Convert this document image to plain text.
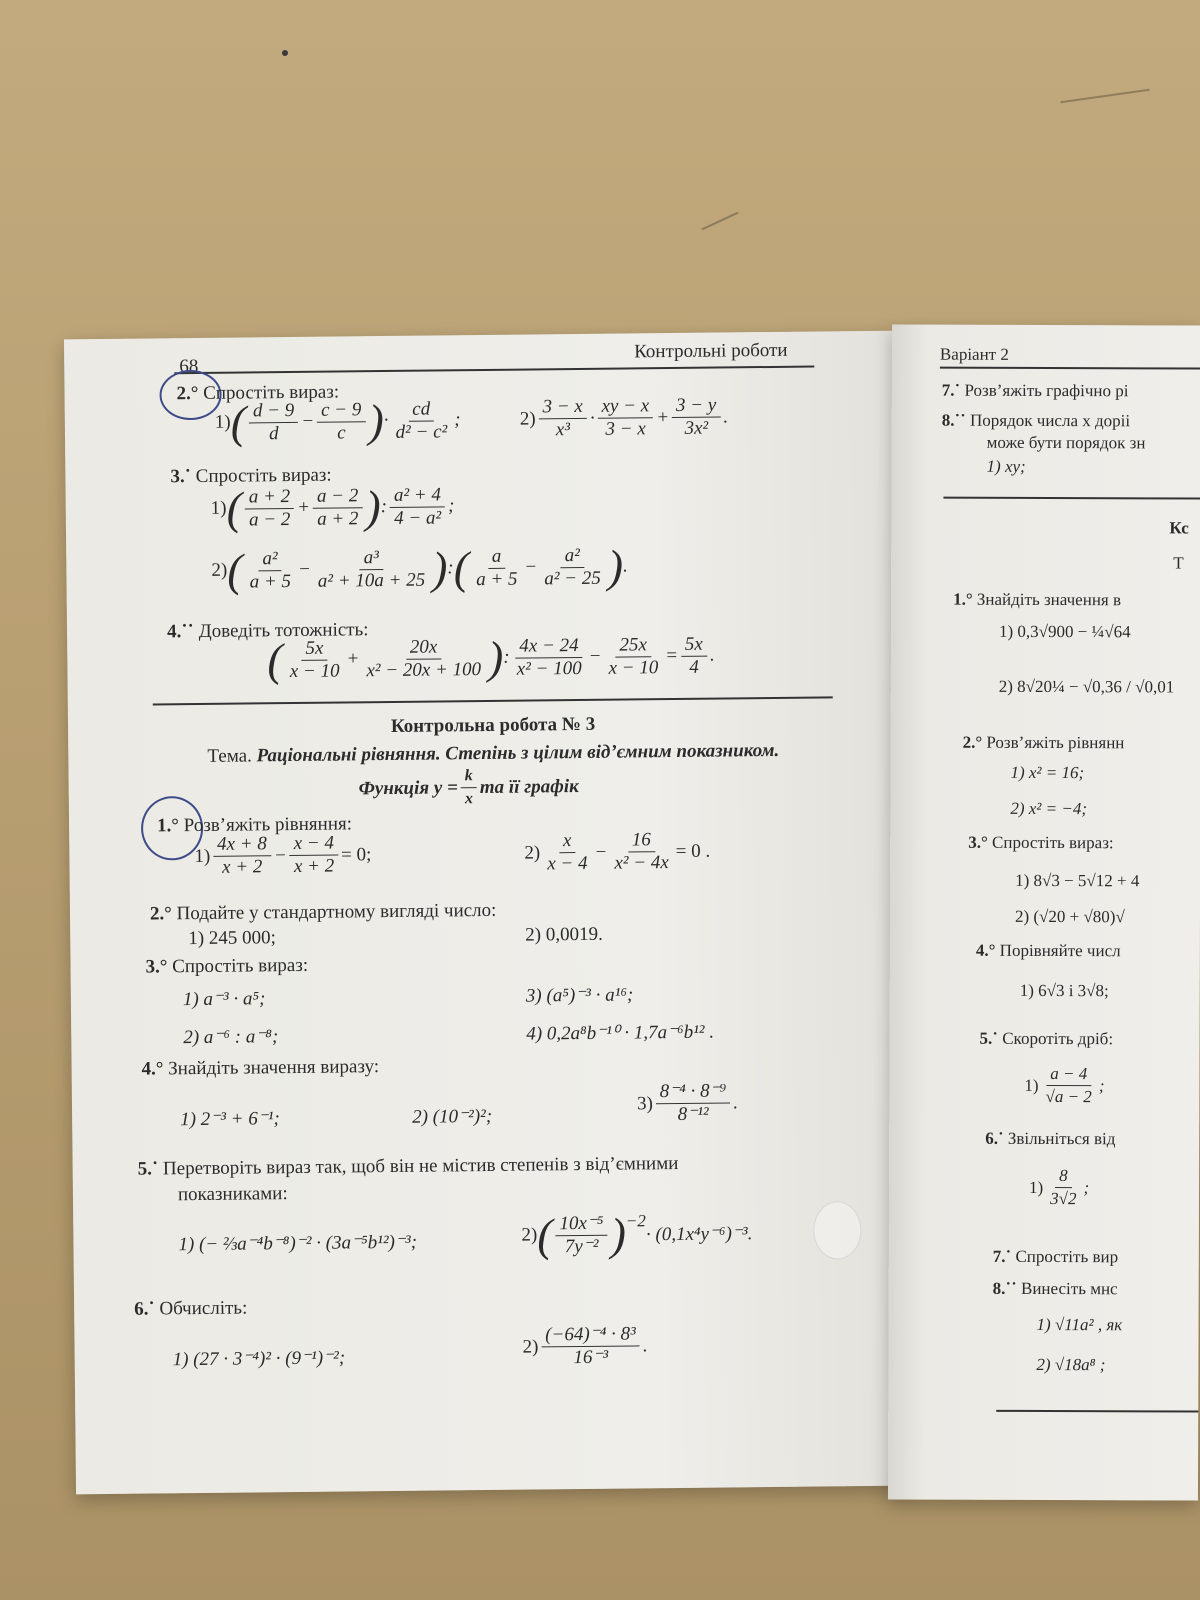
68
Контрольні роботи
2.° Спростіть вираз:
1) ( $\frac{d - 9}{d} - \frac{c - 9}{c}$ ) · $\frac{cd}{\text{d² − c²}}$ ;	$2) \frac{3 - x}{\text{x³}} \cdot \frac{xy - x}{3 - x} + \frac{3 - y}{\text{3x²}}$ .
3.˙ Спростіть вираз:
1) ( $\frac{a + 2}{a - 2} + \frac{a - 2}{a + 2}$ ) : $\frac{\text{a² + 4}}{\text{4 − a²}}$ ;
2) ( $\frac{\text{a²}}{a + 5} - \frac{\text{a³}}{\text{a² + 10a + 25}}$ ) : ( $\frac{a}{a + 5} - \frac{\text{a²}}{\text{a² − 25}}$ ) .
4.˙˙ Доведіть тотожність:
( $\frac{5x}{x - 10} + \frac{20x}{\text{x² − 20x + 100}}$ ) : $\frac{4x - 24}{\text{x² − 100}} - \frac{25x}{x - 10} = \frac{5x}{4}$ .
Контрольна робота № 3
Тема. Раціональні рівняння. Степінь з цілим від’ємним показником.
Функція $y = \frac{k}{x}$ та її графік
1.° Розв’яжіть рівняння:
$1) \frac{4x + 8}{x + 2} - \frac{x - 4}{x + 2} = 0$;	$2) \frac{x}{x - 4} - \frac{16}{\text{x² − 4x}} = 0$ .
2.° Подайте у стандартному вигляді число:
1) 245 000;	2) 0,0019.
3.° Спростіть вираз:
1) a⁻³ · a⁵;	3) (a⁵)⁻³ · a¹⁶;
2) a⁻⁶ : a⁻⁸;	4) 0,2a⁸b⁻¹⁰ · 1,7a⁻⁶b¹² .
4.° Знайдіть значення виразу:
1) 2⁻³ + 6⁻¹;	2) (10⁻²)²;
$3) \frac{\text{8⁻⁴ · 8⁻⁹}}{\text{8⁻¹²}}$ .
5.˙ Перетворіть вираз так, щоб він не містив степенів з від’ємними
показниками:
1) (− ⅔a⁻⁴b⁻⁸)⁻² · (3a⁻⁵b¹²)⁻³;	2) ( $\frac{\text{10x⁻⁵}}{\text{7y⁻²}}$ ) −2
· (0,1x⁴y⁻⁶)⁻³.
6.˙ Обчисліть:
1) (27 · 3⁻⁴)² · (9⁻¹)⁻²;
$2) \frac{\text{(−64)⁻⁴ · 8³}}{\text{16⁻³}}$ .
Варіант 2
7.˙ Розв’яжіть графічно рі
8.˙˙ Порядок числа x доріі
може бути порядок зн
1) xy;
Кс
Т
1.° Знайдіть значення в
1) 0,3√900 − ¼√64
2) 8√20¼ − √0,36 / √0,01
2.° Розв’яжіть рівнянн
1) x² = 16;
2) x² = −4;
3.° Спростіть вираз:
1) 8√3 − 5√12 + 4
2) (√20 + √80)√
4.° Порівняйте числ
1) 6√3 і 3√8;
5.˙ Скоротіть дріб:
$1) \frac{a - 4}{√a - 2}$ ;
6.˙ Звільніться від
$1) \frac{8}{3√2}$ ;
7.˙ Спростіть вир
8.˙˙ Винесіть мнс
1) √11a² , як
2) √18a⁸ ;
